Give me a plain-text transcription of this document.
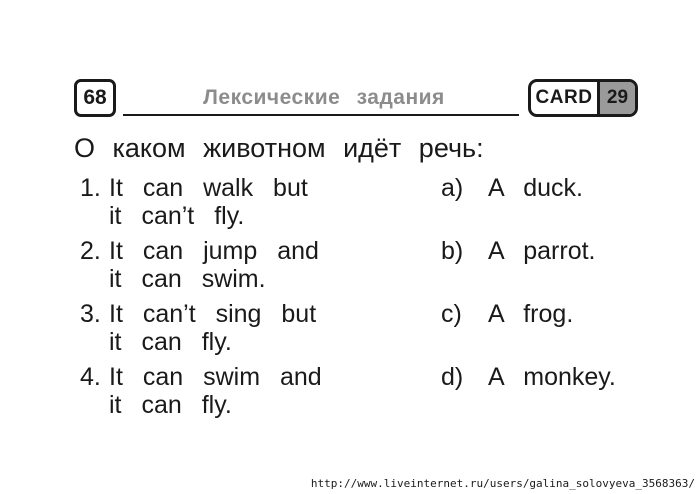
68	Лексические задания	CARD 29
О каком животном идёт речь:
1. It can walk but
it can’t fly.
2. It can jump and
it can swim.
3. It can’t sing but
it can fly.
4. It can swim and
it can fly.
a) A duck.
b) A parrot.
c) A frog.
d) A monkey.
http://www.liveinternet.ru/users/galina_solovyeva_3568363/
